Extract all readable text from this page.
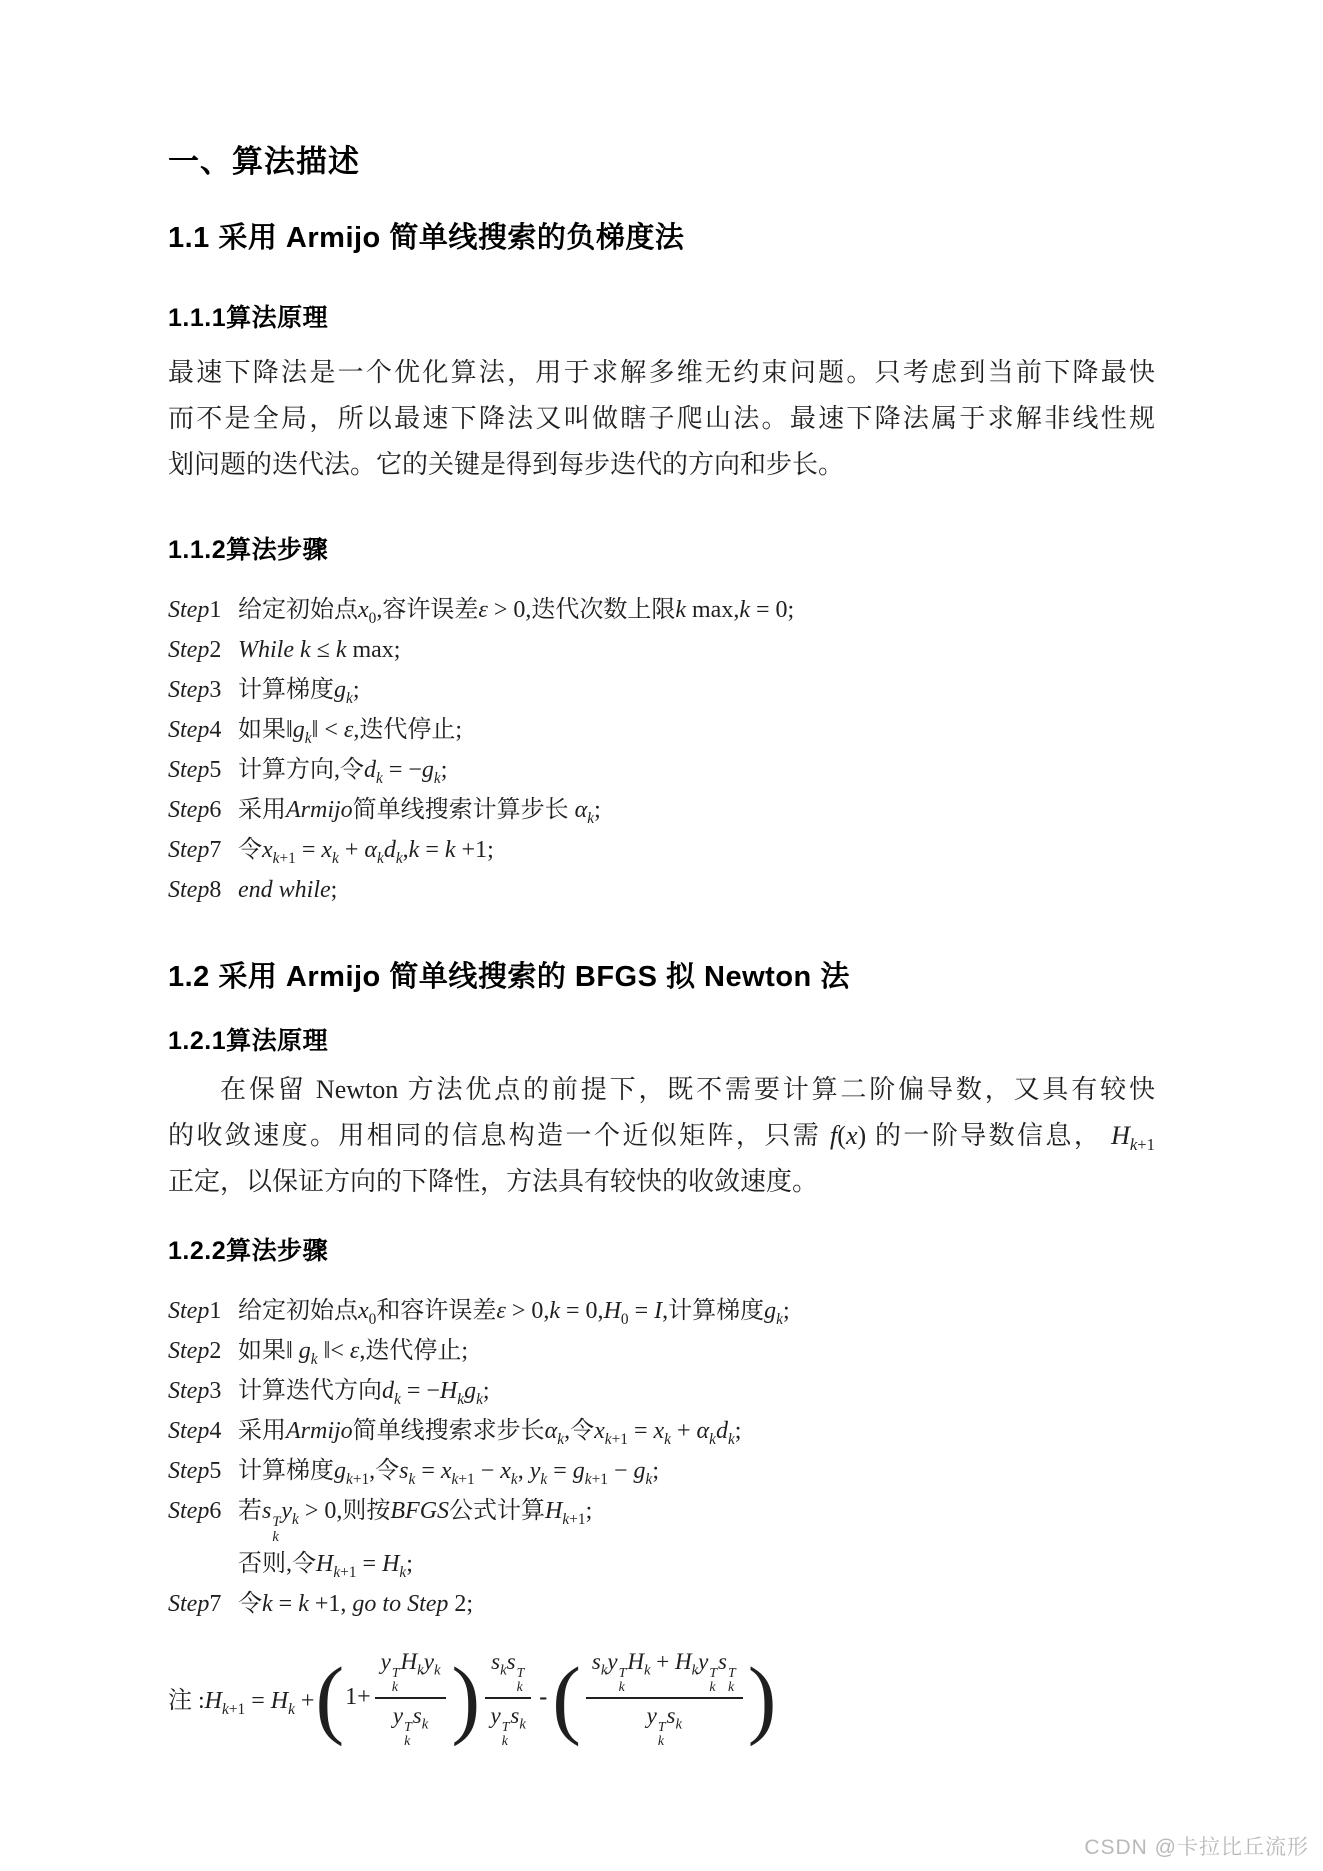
一、算法描述
1.1 采用 Armijo 简单线搜索的负梯度法
1.1.1算法原理
最速下降法是一个优化算法，用于求解多维无约束问题。只考虑到当前下降最快
而不是全局，所以最速下降法又叫做瞎子爬山法。最速下降法属于求解非线性规
划问题的迭代法。它的关键是得到每步迭代的方向和步长。
1.1.2算法步骤
Step1 给定初始点$x_0$,容许误差ε > 0,迭代次数上限k max,k = 0;
Step2 While k ≤ k max;
Step3 计算梯度$g_k$;
Step4 如果$‖g_k‖ < \varepsilon$,迭代停止;
Step5 计算方向,令$d_k = -g_k$;
Step6 采用Armijo简单线搜索计算步长 $\alpha_k$;
Step7 令$x_{k+1} = x_k + \alpha_kd_k,k = k +1$;
Step8 end while;
1.2 采用 Armijo 简单线搜索的 BFGS 拟 Newton 法
1.2.1算法原理
在保留 Newton 方法优点的前提下，既不需要计算二阶偏导数，又具有较快
的收敛速度。用相同的信息构造一个近似矩阵，只需 f(x) 的一阶导数信息， $H_{k+1}$
正定，以保证方向的下降性，方法具有较快的收敛速度。
1.2.2算法步骤
Step1 给定初始点$x_0$和容许误差$\varepsilon > 0,k = 0,H_0 = I$,计算梯度$g_k$;
Step2 如果‖ $g_k$ ‖< ε,迭代停止;
Step3 计算迭代方向$d_k = -H_kg_k$;
Step4 采用Armijo简单线搜索求步长$\alpha_k$,令$x_{k+1} = x_k + \alpha_kd_k$;
Step5 计算梯度$g_{k+1}$,令$s_k = x_{k+1} - x_k$, $y_k = g_{k+1} - g_k$;
Step6 若s T
k
$y_k > 0$,则按BFGS公式计算$H_{k+1}$;
否则,令$H_{k+1} = H_k$;
Step7 令k = k +1, go to Step 2;
注 $:H_{k+1} = H_k$ + ( 1+ y T
k
$H_ky_k$
y T
k
$s_k$ ) $s_ks$ T
k
y T
k
$s_k$ - ( $s_ky$ T
k
$H_k + H_ky$ T
k
s T
k
y T
k
$s_k$ )
CSDN @卡拉比丘流形
